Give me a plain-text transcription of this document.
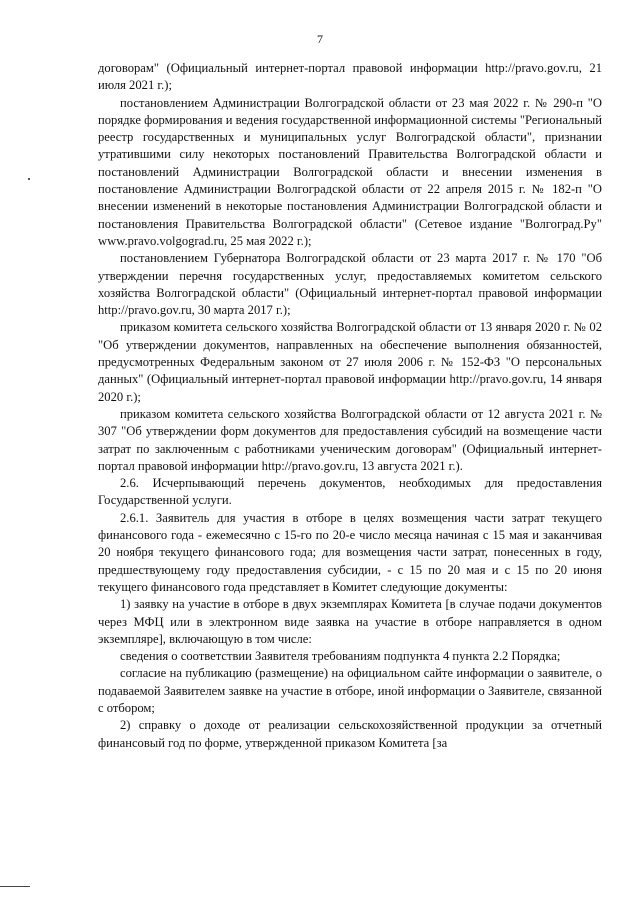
7

договорам" (Официальный интернет-портал правовой информации http://pravo.gov.ru, 21 июля 2021 г.);

постановлением Администрации Волгоградской области от 23 мая 2022 г. № 290-п "О порядке формирования и ведения государственной информационной системы "Региональный реестр государственных и муниципальных услуг Волгоградской области", признании утратившими силу некоторых постановлений Правительства Волгоградской области и постановлений Администрации Волгоградской области и внесении изменения в постановление Администрации Волгоградской области от 22 апреля 2015 г. № 182-п "О внесении изменений в некоторые постановления Администрации Волгоградской области и постановления Правительства Волгоградской области" (Сетевое издание "Волгоград.Ру" www.pravo.volgograd.ru, 25 мая 2022 г.);

постановлением Губернатора Волгоградской области от 23 марта 2017 г. № 170 "Об утверждении перечня государственных услуг, предоставляемых комитетом сельского хозяйства Волгоградской области" (Официальный интернет-портал правовой информации http://pravo.gov.ru, 30 марта 2017 г.);

приказом комитета сельского хозяйства Волгоградской области от 13 января 2020 г. № 02 "Об утверждении документов, направленных на обеспечение выполнения обязанностей, предусмотренных Федеральным законом от 27 июля 2006 г. № 152-ФЗ "О персональных данных" (Официальный интернет-портал правовой информации http://pravo.gov.ru, 14 января 2020 г.);

приказом комитета сельского хозяйства Волгоградской области от 12 августа 2021 г. № 307 "Об утверждении форм документов для предоставления субсидий на возмещение части затрат по заключенным с работниками ученическим договорам" (Официальный интернет-портал правовой информации http://pravo.gov.ru, 13 августа 2021 г.).

2.6. Исчерпывающий перечень документов, необходимых для предоставления Государственной услуги.

2.6.1. Заявитель для участия в отборе в целях возмещения части затрат текущего финансового года - ежемесячно с 15-го по 20-е число месяца начиная с 15 мая и заканчивая 20 ноября текущего финансового года; для возмещения части затрат, понесенных в году, предшествующему году предоставления субсидии, - с 15 по 20 мая и с 15 по 20 июня текущего финансового года представляет в Комитет следующие документы:

1) заявку на участие в отборе в двух экземплярах Комитета [в случае подачи документов через МФЦ или в электронном виде заявка на участие в отборе направляется в одном экземпляре], включающую в том числе:

сведения о соответствии Заявителя требованиям подпункта 4 пункта 2.2 Порядка;

согласие на публикацию (размещение) на официальном сайте информации о заявителе, о подаваемой Заявителем заявке на участие в отборе, иной информации о Заявителе, связанной с отбором;

2) справку о доходе от реализации сельскохозяйственной продукции за отчетный финансовый год по форме, утвержденной приказом Комитета [за
